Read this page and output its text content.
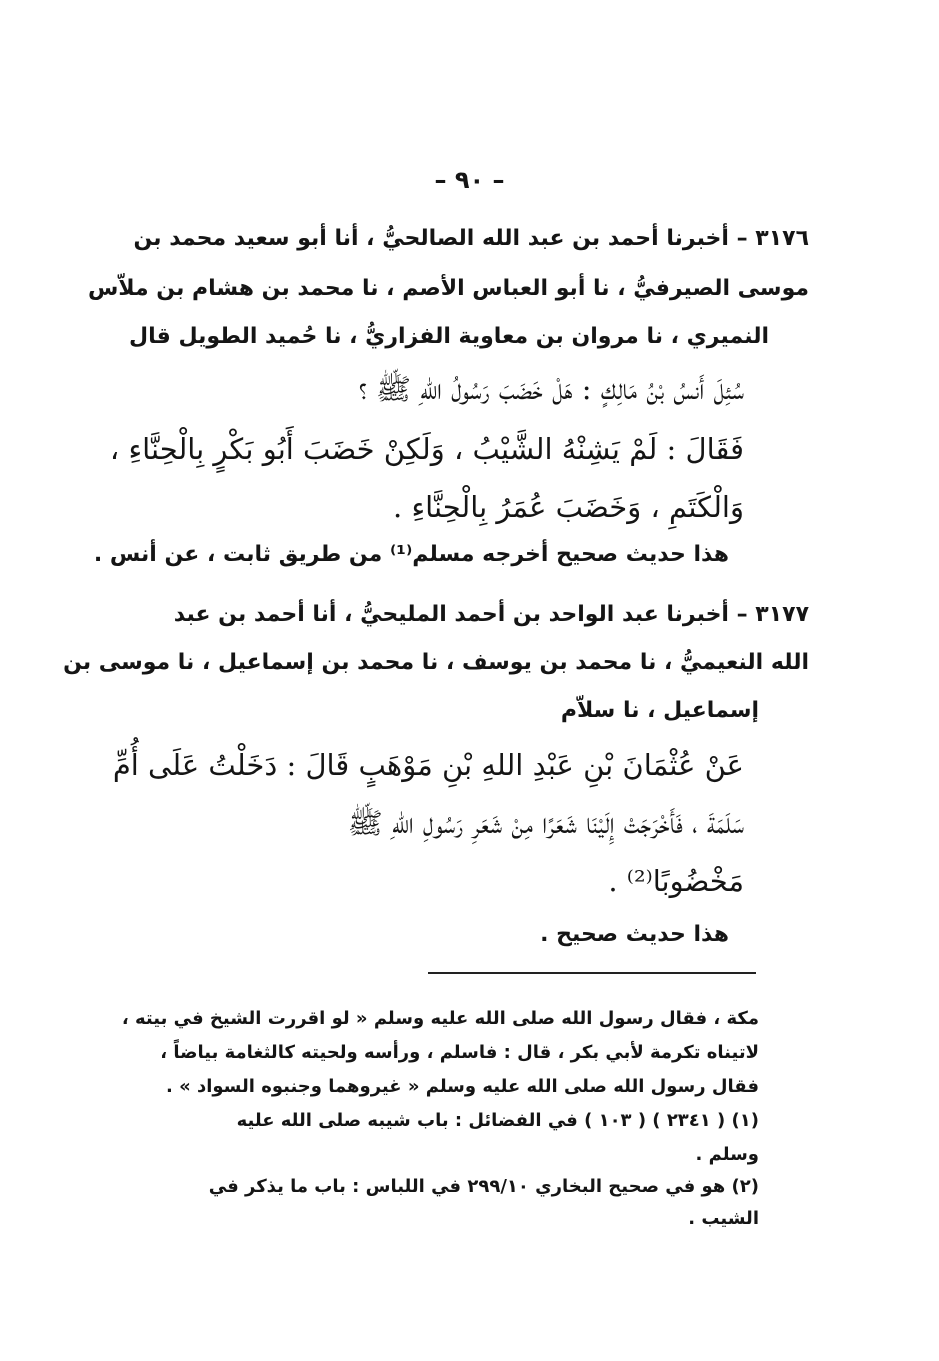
– ٩٠ –
٣١٧٦ – أخبرنا أحمد بن عبد الله الصالحيُّ ، أنا أبو سعيد محمد بن
موسى الصيرفيُّ ، نا أبو العباس الأصم ، نا محمد بن هشام بن ملاّس
النميري ، نا مروان بن معاوية الفزاريُّ ، نا حُميد الطويل قال
سُئِلَ أَنسُ بْنُ مَالِكٍ : هَلْ خَضَبَ رَسُولُ اللهِ ﷺ ؟
فَقَالَ : لَمْ يَشِنْهُ الشَّيْبُ ، وَلَكِنْ خَضَبَ أَبُو بَكْرٍ بِالْحِنَّاءِ ،
وَالْكَتَمِ ، وَخَضَبَ عُمَرُ بِالْحِنَّاءِ .
هذا حديث صحيح أخرجه مسلم⁽¹⁾ من طريق ثابت ، عن أنس .
٣١٧٧ – أخبرنا عبد الواحد بن أحمد المليحيُّ ، أنا أحمد بن عبد
الله النعيميُّ ، نا محمد بن يوسف ، نا محمد بن إسماعيل ، نا موسى بن
إسماعيل ، نا سلاّم
عَنْ عُثْمَانَ بْنِ عَبْدِ اللهِ بْنِ مَوْهَبٍ قَالَ : دَخَلْتُ عَلَى أُمِّ
سَلَمَةَ ، فَأَخْرَجَتْ إِلَيْنَا شَعَرًا مِنْ شَعَرِ رَسُولِ اللهِ ﷺ
مَخْضُوبًا⁽²⁾ .
هذا حديث صحيح .
مكة ، فقال رسول الله صلى الله عليه وسلم « لو اقررت الشيخ في بيته ،
لاتيناه تكرمة لأبي بكر ، قال : فاسلم ، ورأسه ولحيته كالثغامة بياضاً ،
فقال رسول الله صلى الله عليه وسلم « غيروهما وجنبوه السواد » .
(١) ( ٢٣٤١ ) ( ١٠٣ ) في الفضائل : باب شيبه صلى الله عليه
وسلم .
(٢) هو في صحيح البخاري ٢٩٩/١٠ في اللباس : باب ما يذكر في
الشيب .
